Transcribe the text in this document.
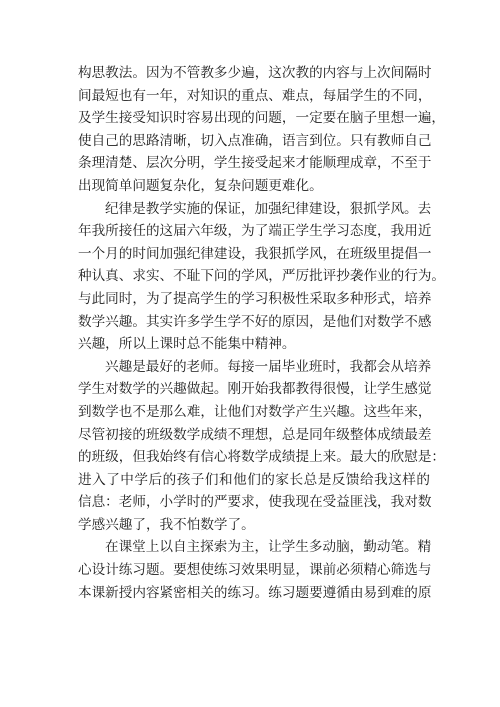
构思教法。因为不管教多少遍，这次教的内容与上次间隔时
间最短也有一年，对知识的重点、难点，每届学生的不同，
及学生接受知识时容易出现的问题，一定要在脑子里想一遍，
使自己的思路清晰，切入点准确，语言到位。只有教师自己
条理清楚、层次分明，学生接受起来才能顺理成章，不至于
出现简单问题复杂化，复杂问题更难化。
纪律是教学实施的保证，加强纪律建设，狠抓学风。去
年我所接任的这届六年级，为了端正学生学习态度，我用近
一个月的时间加强纪律建设，我狠抓学风，在班级里提倡一
种认真、求实、不耻下问的学风，严厉批评抄袭作业的行为。
与此同时，为了提高学生的学习积极性采取多种形式，培养
数学兴趣。其实许多学生学不好的原因，是他们对数学不感
兴趣，所以上课时总不能集中精神。
兴趣是最好的老师。每接一届毕业班时，我都会从培养
学生对数学的兴趣做起。刚开始我都教得很慢，让学生感觉
到数学也不是那么难，让他们对数学产生兴趣。这些年来，
尽管初接的班级数学成绩不理想，总是同年级整体成绩最差
的班级，但我始终有信心将数学成绩提上来。最大的欣慰是：
进入了中学后的孩子们和他们的家长总是反馈给我这样的
信息：老师，小学时的严要求，使我现在受益匪浅，我对数
学感兴趣了，我不怕数学了。
在课堂上以自主探索为主，让学生多动脑，勤动笔。精
心设计练习题。要想使练习效果明显，课前必须精心筛选与
本课新授内容紧密相关的练习。练习题要遵循由易到难的原
